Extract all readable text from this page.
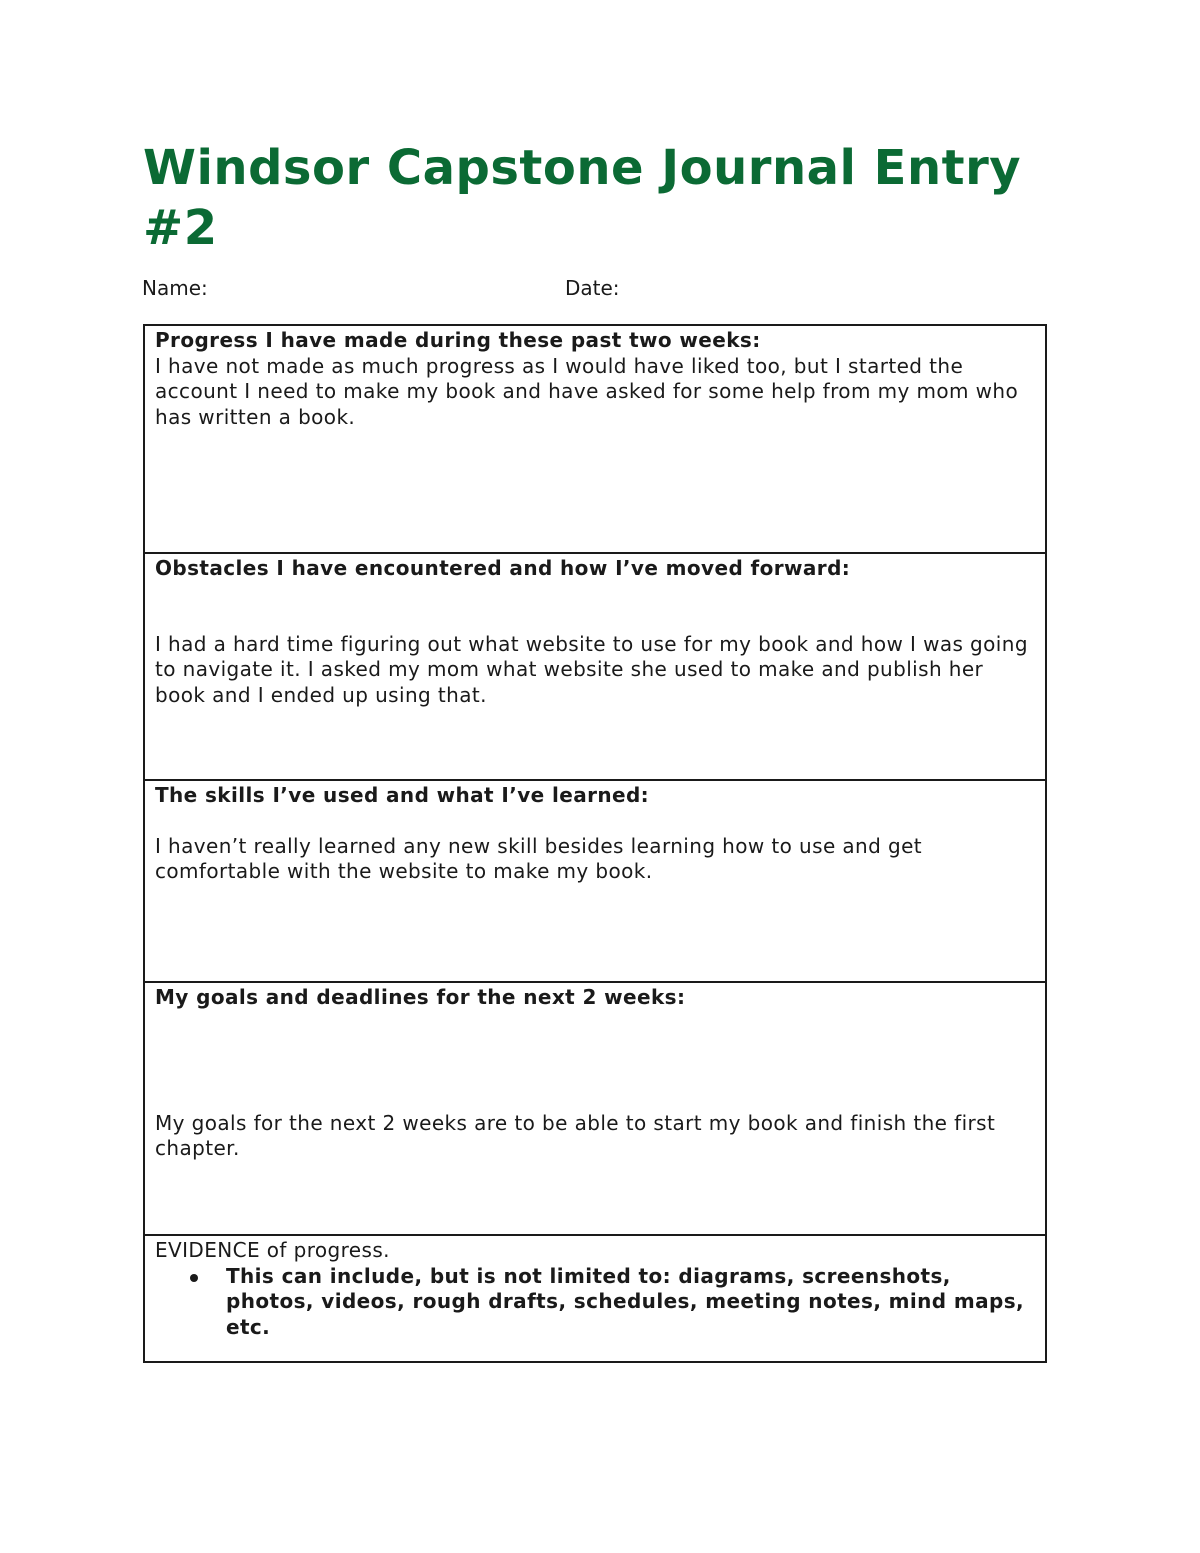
Windsor Capstone Journal Entry #2
Name:	Date:
Progress I have made during these past two weeks:
I have not made as much progress as I would have liked too, but I started the account I need to make my book and have asked for some help from my mom who has written a book.
Obstacles I have encountered and how I’ve moved forward:
I had a hard time figuring out what website to use for my book and how I was going to navigate it. I asked my mom what website she used to make and publish her book and I ended up using that.
The skills I’ve used and what I’ve learned:
I haven’t really learned any new skill besides learning how to use and get comfortable with the website to make my book.
My goals and deadlines for the next 2 weeks:
My goals for the next 2 weeks are to be able to start my book and finish the first chapter.
EVIDENCE of progress.
This can include, but is not limited to: diagrams, screenshots, photos, videos, rough drafts, schedules, meeting notes, mind maps, etc.
